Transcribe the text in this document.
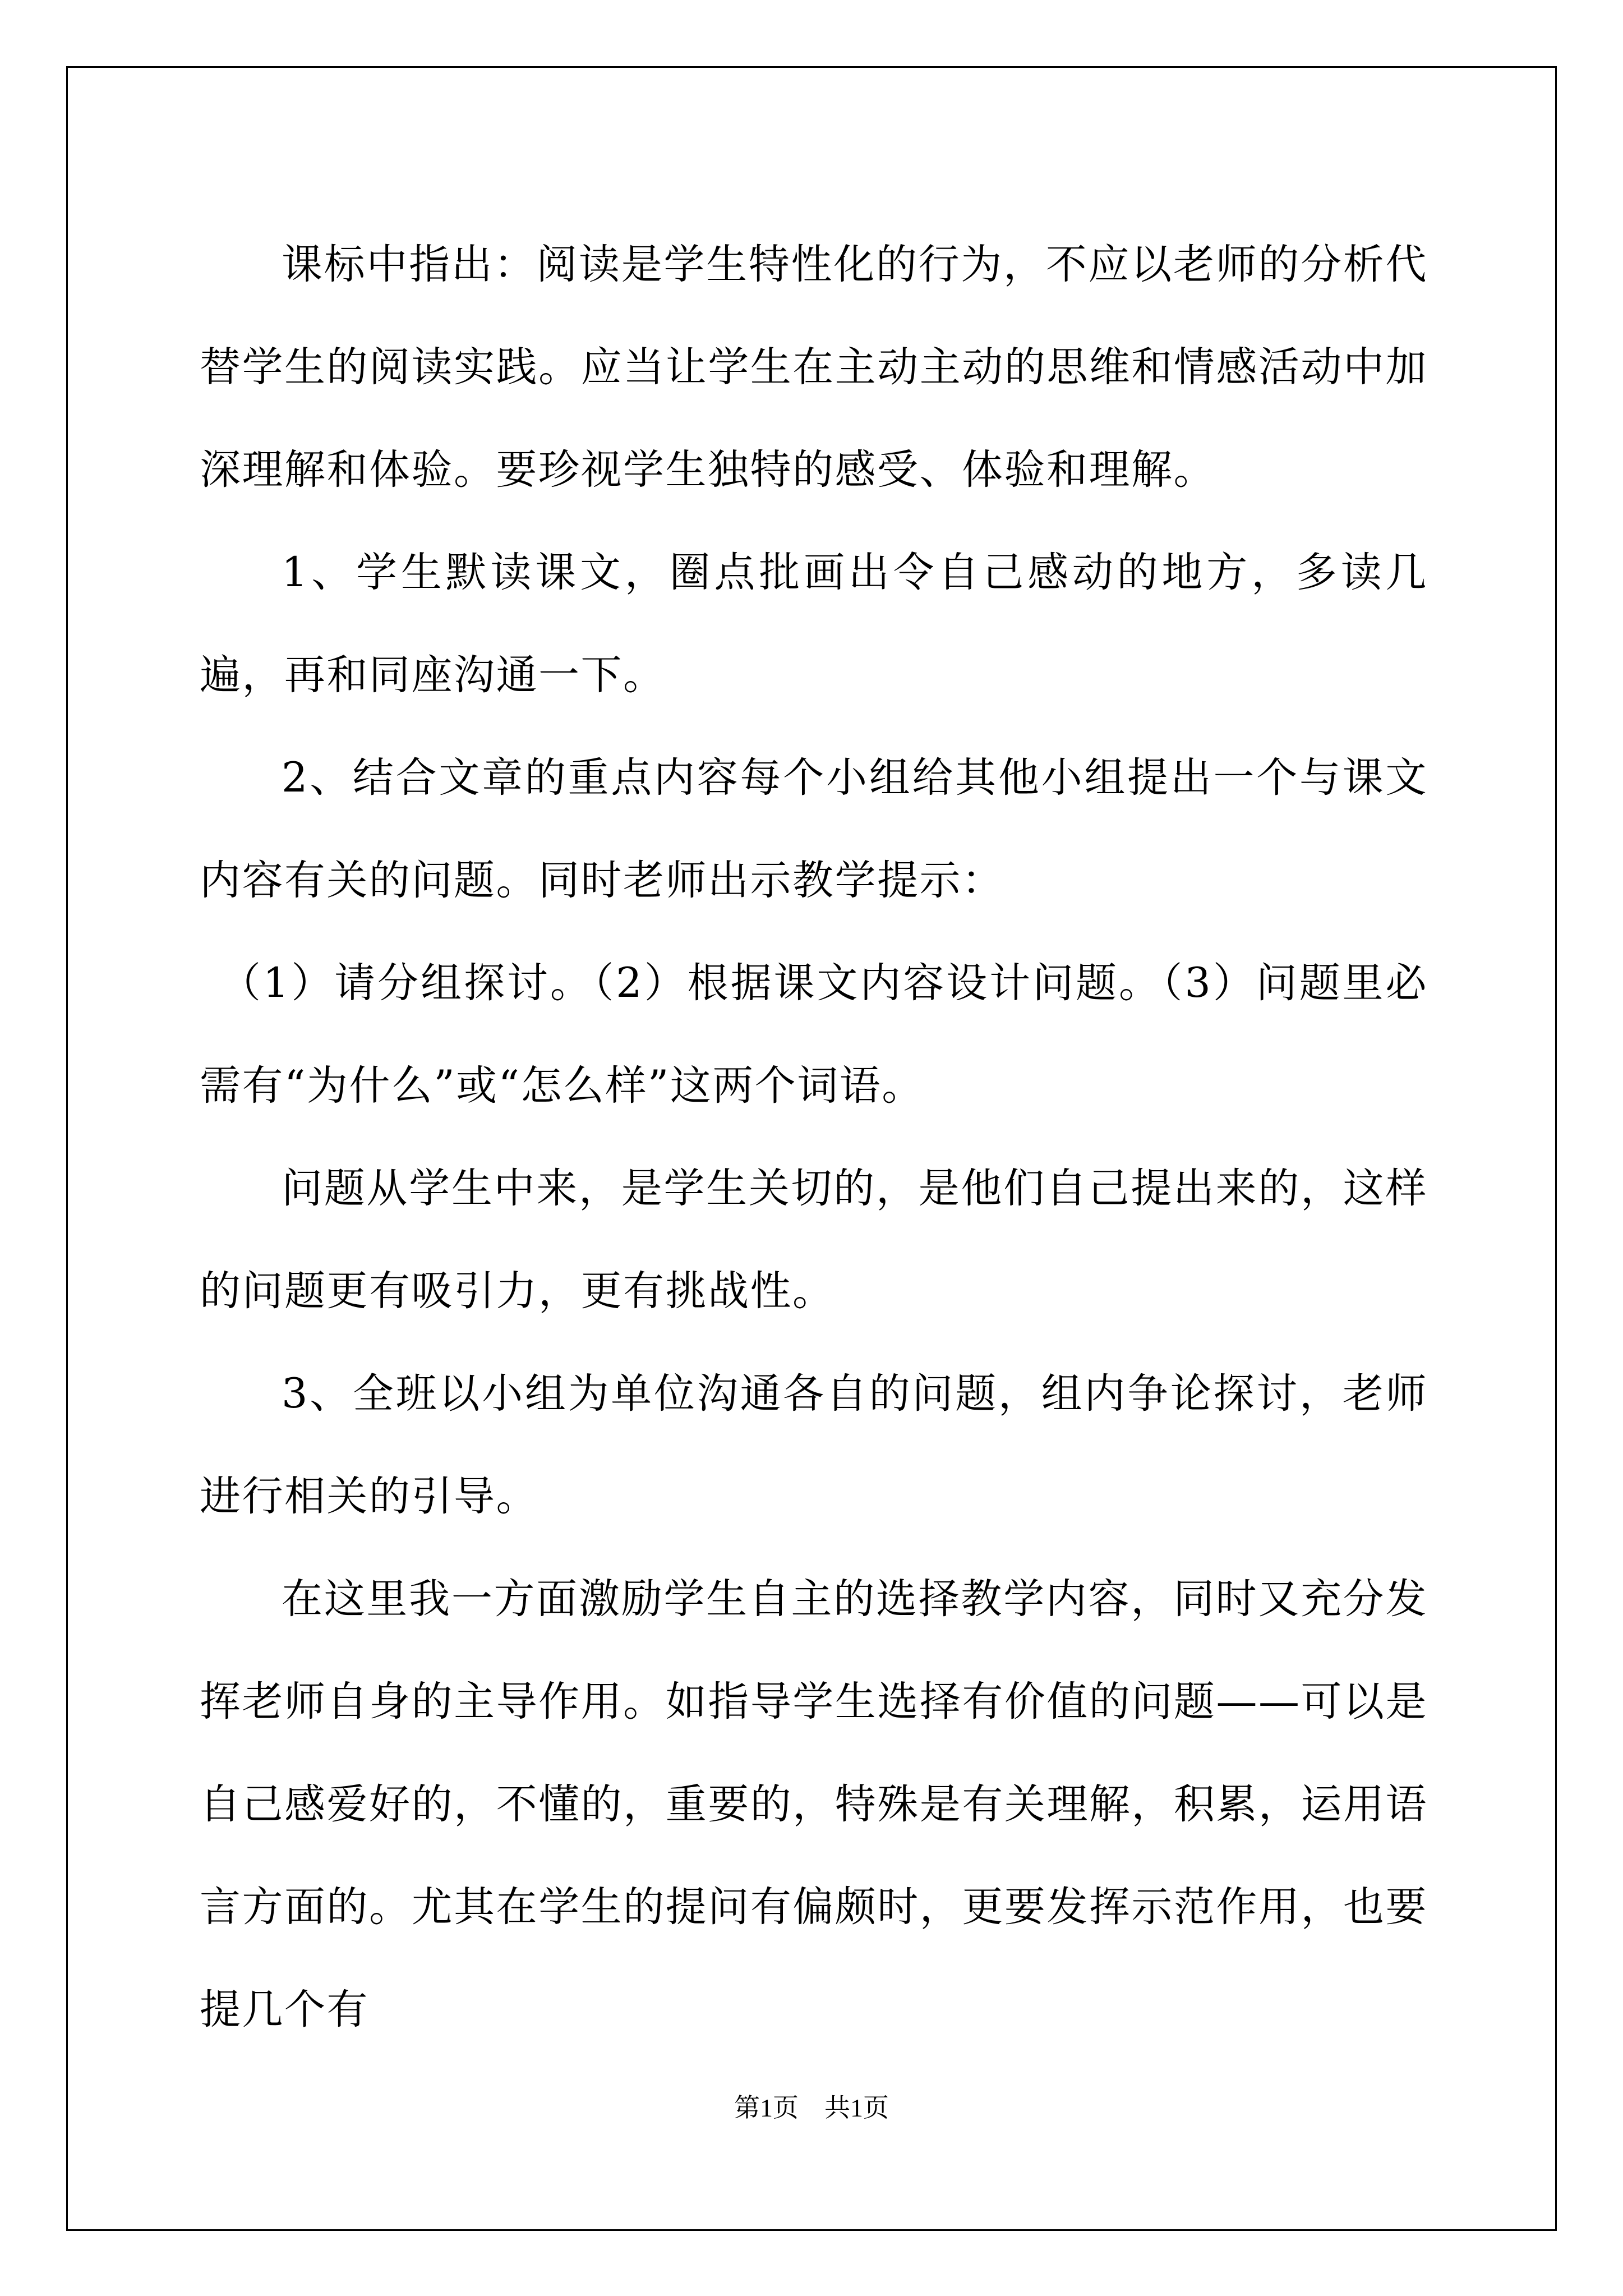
课标中指出：阅读是学生特性化的行为，不应以老师的分析代替学生的阅读实践。应当让学生在主动主动的思维和情感活动中加深理解和体验。要珍视学生独特的感受、体验和理解。

1、学生默读课文，圈点批画出令自己感动的地方，多读几遍，再和同座沟通一下。

2、结合文章的重点内容每个小组给其他小组提出一个与课文内容有关的问题。同时老师出示教学提示：

（1）请分组探讨。（2）根据课文内容设计问题。（3）问题里必需有“为什么”或“怎么样”这两个词语。

问题从学生中来，是学生关切的，是他们自己提出来的，这样的问题更有吸引力，更有挑战性。

3、全班以小组为单位沟通各自的问题，组内争论探讨，老师进行相关的引导。

在这里我一方面激励学生自主的选择教学内容，同时又充分发挥老师自身的主导作用。如指导学生选择有价值的问题——可以是自己感爱好的，不懂的，重要的，特殊是有关理解，积累，运用语言方面的。尤其在学生的提问有偏颇时，更要发挥示范作用，也要提几个有

第1页 共1页
